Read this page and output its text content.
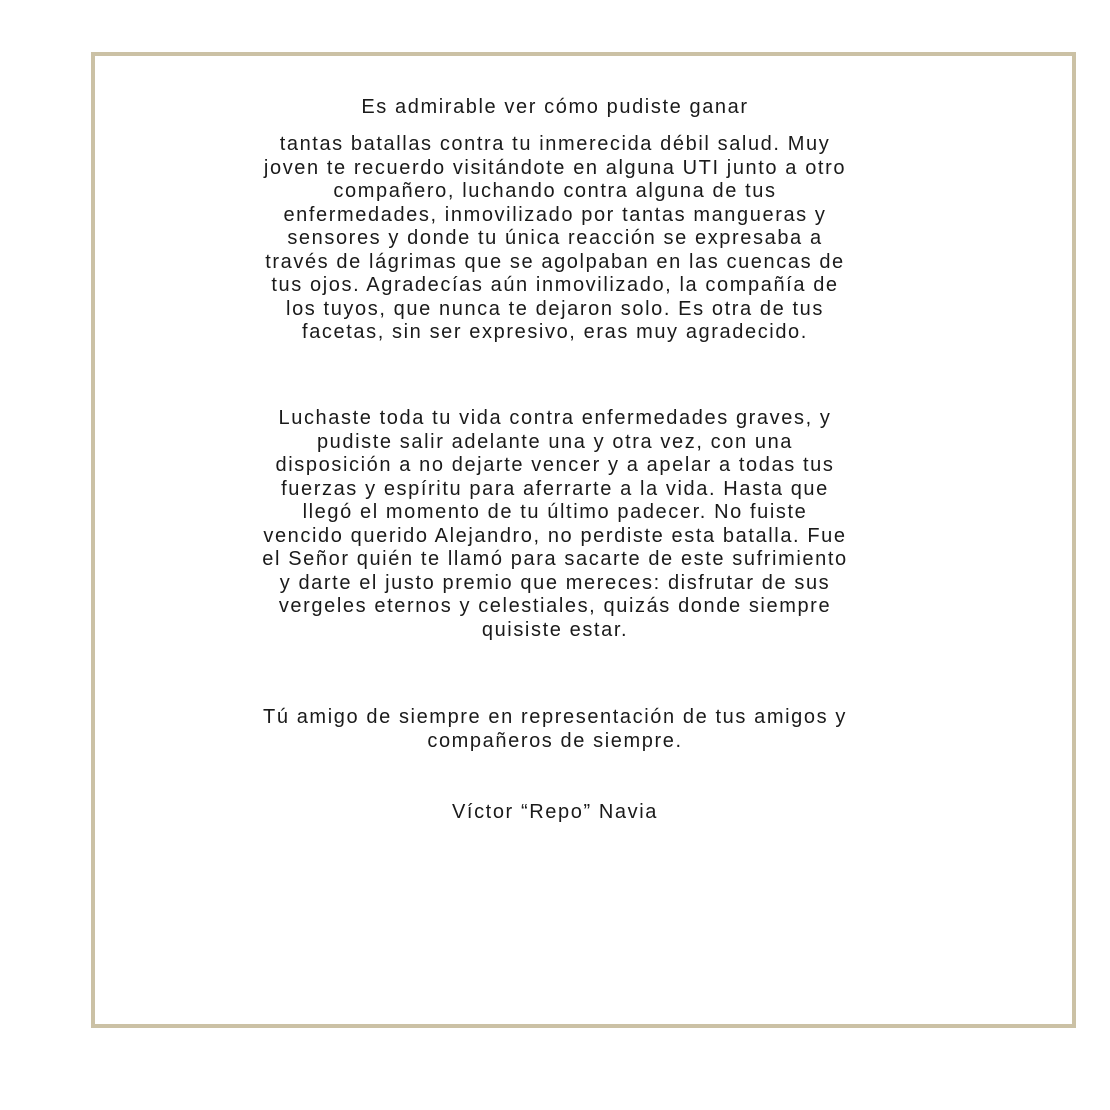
Es admirable ver cómo pudiste ganar
tantas batallas contra tu inmerecida débil salud. Muy
joven te recuerdo visitándote en alguna UTI junto a otro
compañero, luchando contra alguna de tus
enfermedades, inmovilizado por tantas mangueras y
sensores y donde tu única reacción se expresaba a
través de lágrimas que se agolpaban en las cuencas de
tus ojos. Agradecías aún inmovilizado, la compañía de
los tuyos, que nunca te dejaron solo. Es otra de tus
facetas, sin ser expresivo, eras muy agradecido.
Luchaste toda tu vida contra enfermedades graves, y
pudiste salir adelante una y otra vez, con una
disposición a no dejarte vencer y a apelar a todas tus
fuerzas y espíritu para aferrarte a la vida. Hasta que
llegó el momento de tu último padecer. No fuiste
vencido querido Alejandro, no perdiste esta batalla. Fue
el Señor quién te llamó para sacarte de este sufrimiento
y darte el justo premio que mereces: disfrutar de sus
vergeles eternos y celestiales, quizás donde siempre
quisiste estar.
Tú amigo de siempre en representación de tus amigos y
compañeros de siempre.
Víctor “Repo” Navia
